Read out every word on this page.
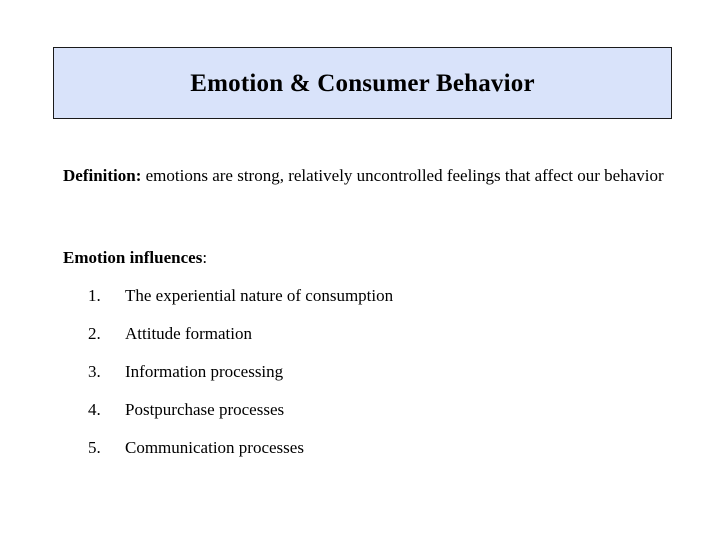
Emotion & Consumer Behavior
Definition: emotions are strong, relatively uncontrolled feelings that affect our behavior
Emotion influences:
1.	The experiential nature of consumption
2.	Attitude formation
3.	Information processing
4.	Postpurchase processes
5.	Communication processes
